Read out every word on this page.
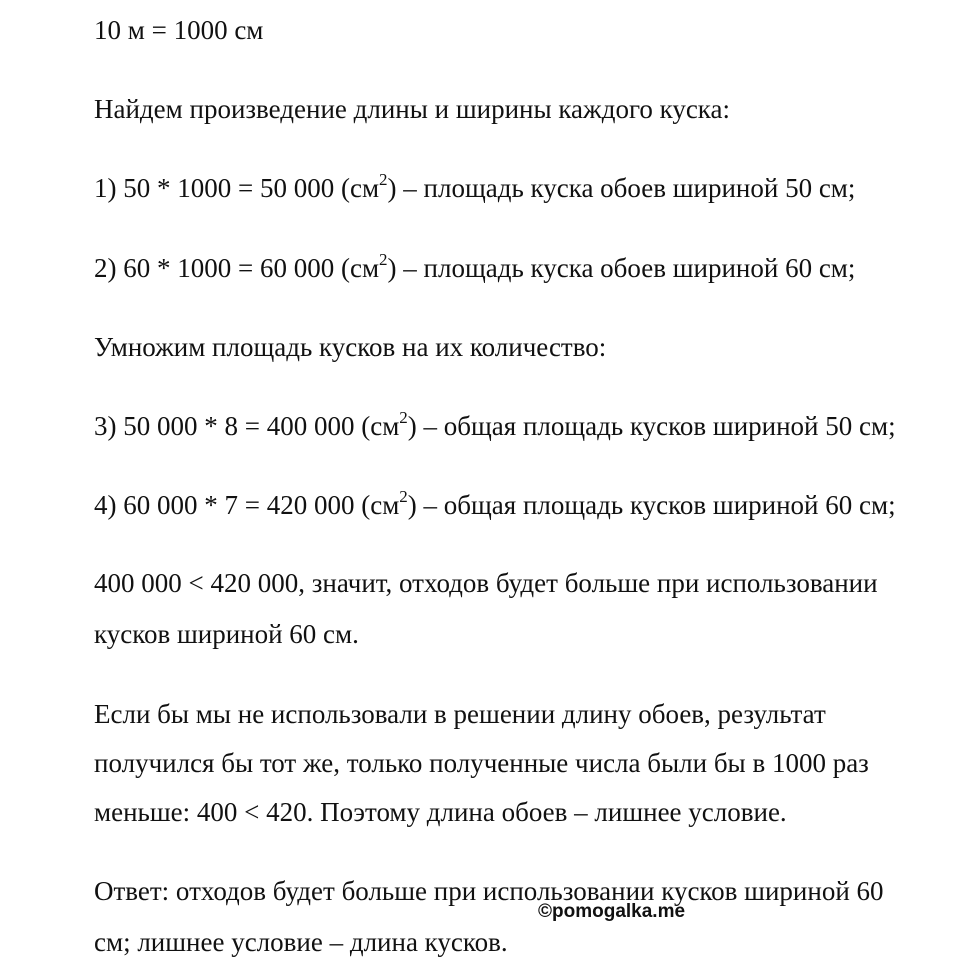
10 м = 1000 см
Найдем произведение длины и ширины каждого куска:
1) 50 * 1000 = 50 000 $(см^2)$ – площадь куска обоев шириной 50 см;
2) 60 * 1000 = 60 000 $(см^2)$ – площадь куска обоев шириной 60 см;
Умножим площадь кусков на их количество:
3) 50 000 * 8 = 400 000 $(см^2)$ – общая площадь кусков шириной 50 см;
4) 60 000 * 7 = 420 000 $(см^2)$ – общая площадь кусков шириной 60 см;
400 000 < 420 000, значит, отходов будет больше при использовании
кусков шириной 60 см.
Если бы мы не использовали в решении длину обоев, результат
получился бы тот же, только полученные числа были бы в 1000 раз
меньше: 400 < 420. Поэтому длина обоев – лишнее условие.
Ответ: отходов будет больше при использовании кусков шириной 60
см; лишнее условие – длина кусков.
©pomogalka.me
